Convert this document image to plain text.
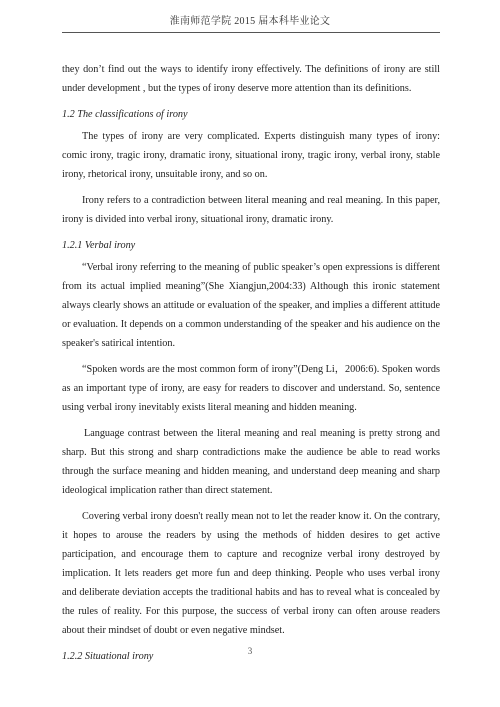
淮南师范学院 2015 届本科毕业论文

they don’t find out the ways to identify irony effectively. The definitions of irony are still under development , but the types of irony deserve more attention than its definitions.

1.2 The classifications of irony

The types of irony are very complicated. Experts distinguish many types of irony: comic irony, tragic irony, dramatic irony, situational irony, tragic irony, verbal irony, stable irony, rhetorical irony, unsuitable irony, and so on.

Irony refers to a contradiction between literal meaning and real meaning. In this paper, irony is divided into verbal irony, situational irony, dramatic irony.

1.2.1 Verbal irony

“Verbal irony referring to the meaning of public speaker’s open expressions is different from its actual implied meaning”(She Xiangjun,2004:33) Although this ironic statement always clearly shows an attitude or evaluation of the speaker, and implies a different attitude or evaluation. It depends on a common understanding of the speaker and his audience on the speaker's satirical intention.

“Spoken words are the most common form of irony”(Deng Li，2006:6). Spoken words as an important type of irony, are easy for readers to discover and understand. So, sentence using verbal irony inevitably exists literal meaning and hidden meaning.

Language contrast between the literal meaning and real meaning is pretty strong and sharp. But this strong and sharp contradictions make the audience be able to read works through the surface meaning and hidden meaning, and understand deep meaning and sharp ideological implication rather than direct statement.

Covering verbal irony doesn't really mean not to let the reader know it. On the contrary, it hopes to arouse the readers by using the methods of hidden desires to get active participation, and encourage them to capture and recognize verbal irony destroyed by implication. It lets readers get more fun and deep thinking. People who uses verbal irony and deliberate deviation accepts the traditional habits and has to reveal what is concealed by the rules of reality. For this purpose, the success of verbal irony can often arouse readers about their mindset of doubt or even negative mindset.

1.2.2 Situational irony	3
